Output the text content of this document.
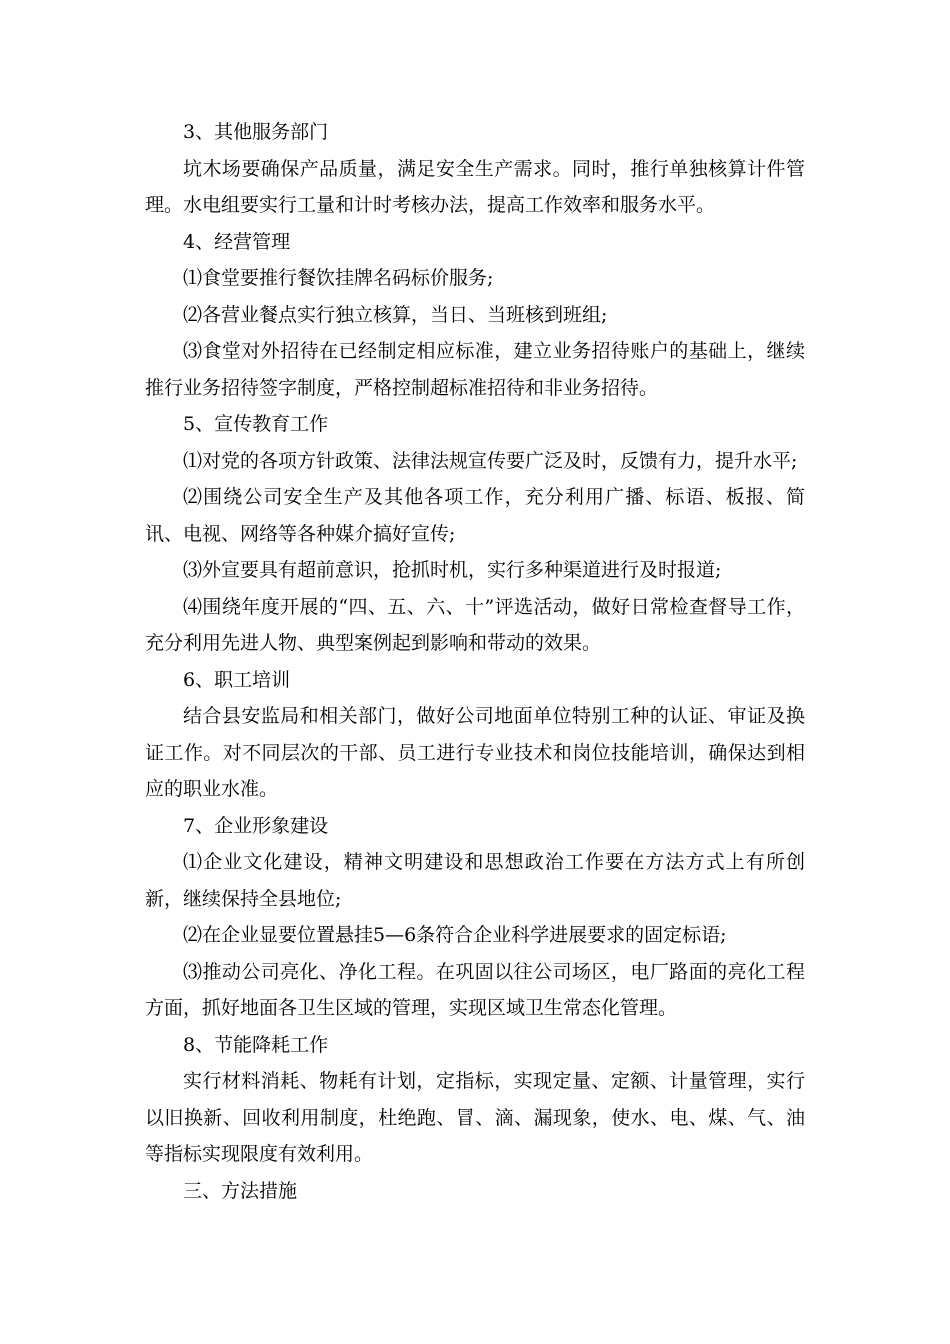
3、其他服务部门

坑木场要确保产品质量，满足安全生产需求。同时，推行单独核算计件管理。水电组要实行工量和计时考核办法，提高工作效率和服务水平。

4、经营管理

⑴食堂要推行餐饮挂牌名码标价服务;

⑵各营业餐点实行独立核算，当日、当班核到班组;

⑶食堂对外招待在已经制定相应标准，建立业务招待账户的基础上，继续推行业务招待签字制度，严格控制超标准招待和非业务招待。

5、宣传教育工作

⑴对党的各项方针政策、法律法规宣传要广泛及时，反馈有力，提升水平;

⑵围绕公司安全生产及其他各项工作，充分利用广播、标语、板报、简讯、电视、网络等各种媒介搞好宣传;

⑶外宣要具有超前意识，抢抓时机，实行多种渠道进行及时报道;

⑷围绕年度开展的“四、五、六、十”评选活动，做好日常检查督导工作，充分利用先进人物、典型案例起到影响和带动的效果。

6、职工培训

结合县安监局和相关部门，做好公司地面单位特别工种的认证、审证及换证工作。对不同层次的干部、员工进行专业技术和岗位技能培训，确保达到相应的职业水准。

7、企业形象建设

⑴企业文化建设，精神文明建设和思想政治工作要在方法方式上有所创新，继续保持全县地位;

⑵在企业显要位置悬挂5—6条符合企业科学进展要求的固定标语;

⑶推动公司亮化、净化工程。在巩固以往公司场区，电厂路面的亮化工程方面，抓好地面各卫生区域的管理，实现区域卫生常态化管理。

8、节能降耗工作

实行材料消耗、物耗有计划，定指标，实现定量、定额、计量管理，实行以旧换新、回收利用制度，杜绝跑、冒、滴、漏现象，使水、电、煤、气、油等指标实现限度有效利用。

三、方法措施
